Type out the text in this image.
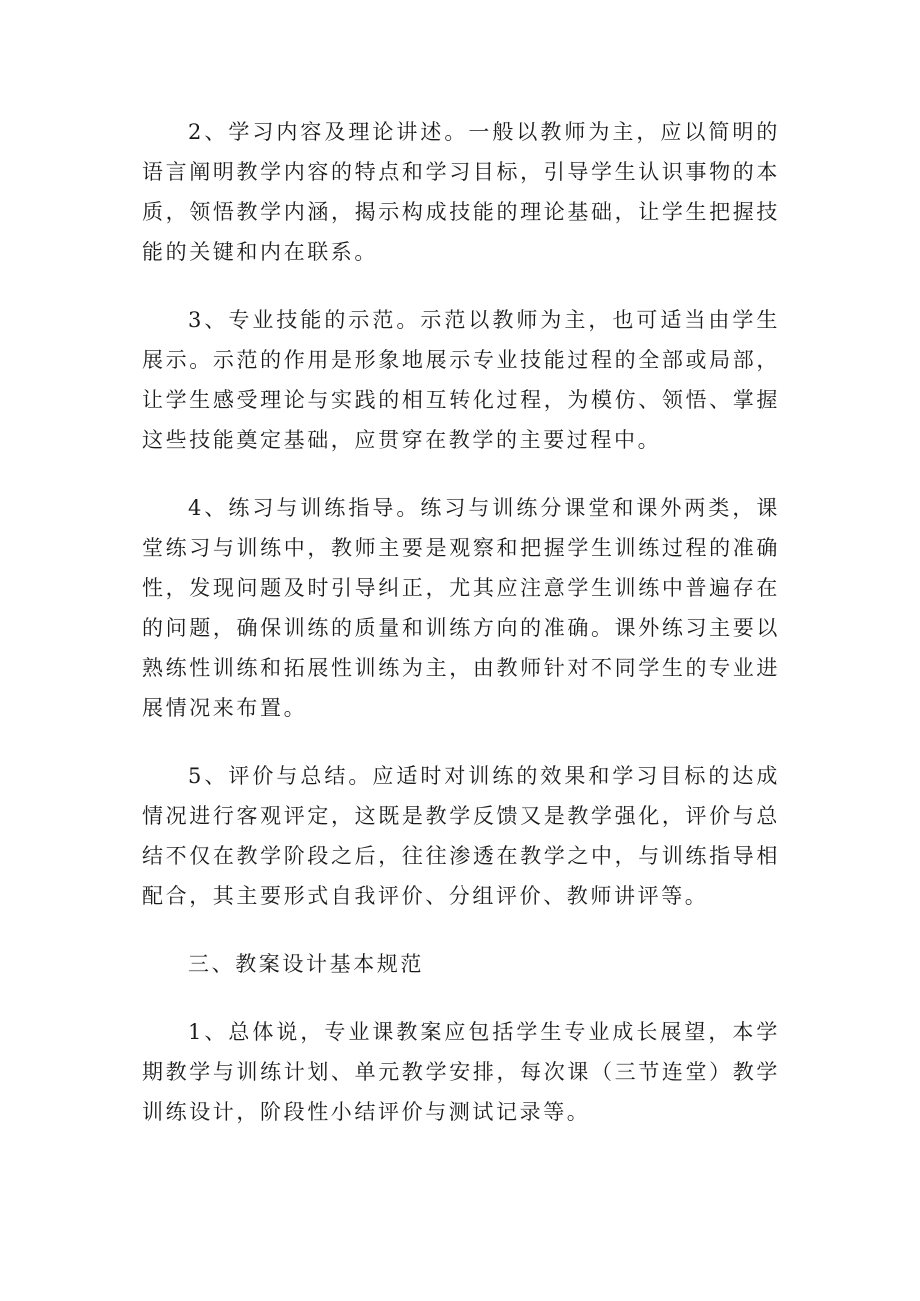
2、学习内容及理论讲述。一般以教师为主，应以简明的语言阐明教学内容的特点和学习目标，引导学生认识事物的本质，领悟教学内涵，揭示构成技能的理论基础，让学生把握技能的关键和内在联系。

3、专业技能的示范。示范以教师为主，也可适当由学生展示。示范的作用是形象地展示专业技能过程的全部或局部，让学生感受理论与实践的相互转化过程，为模仿、领悟、掌握这些技能奠定基础，应贯穿在教学的主要过程中。

4、练习与训练指导。练习与训练分课堂和课外两类，课堂练习与训练中，教师主要是观察和把握学生训练过程的准确性，发现问题及时引导纠正，尤其应注意学生训练中普遍存在的问题，确保训练的质量和训练方向的准确。课外练习主要以熟练性训练和拓展性训练为主，由教师针对不同学生的专业进展情况来布置。

5、评价与总结。应适时对训练的效果和学习目标的达成情况进行客观评定，这既是教学反馈又是教学强化，评价与总结不仅在教学阶段之后，往往渗透在教学之中，与训练指导相配合，其主要形式自我评价、分组评价、教师讲评等。

三、教案设计基本规范

1、总体说，专业课教案应包括学生专业成长展望，本学期教学与训练计划、单元教学安排，每次课（三节连堂）教学训练设计，阶段性小结评价与测试记录等。
